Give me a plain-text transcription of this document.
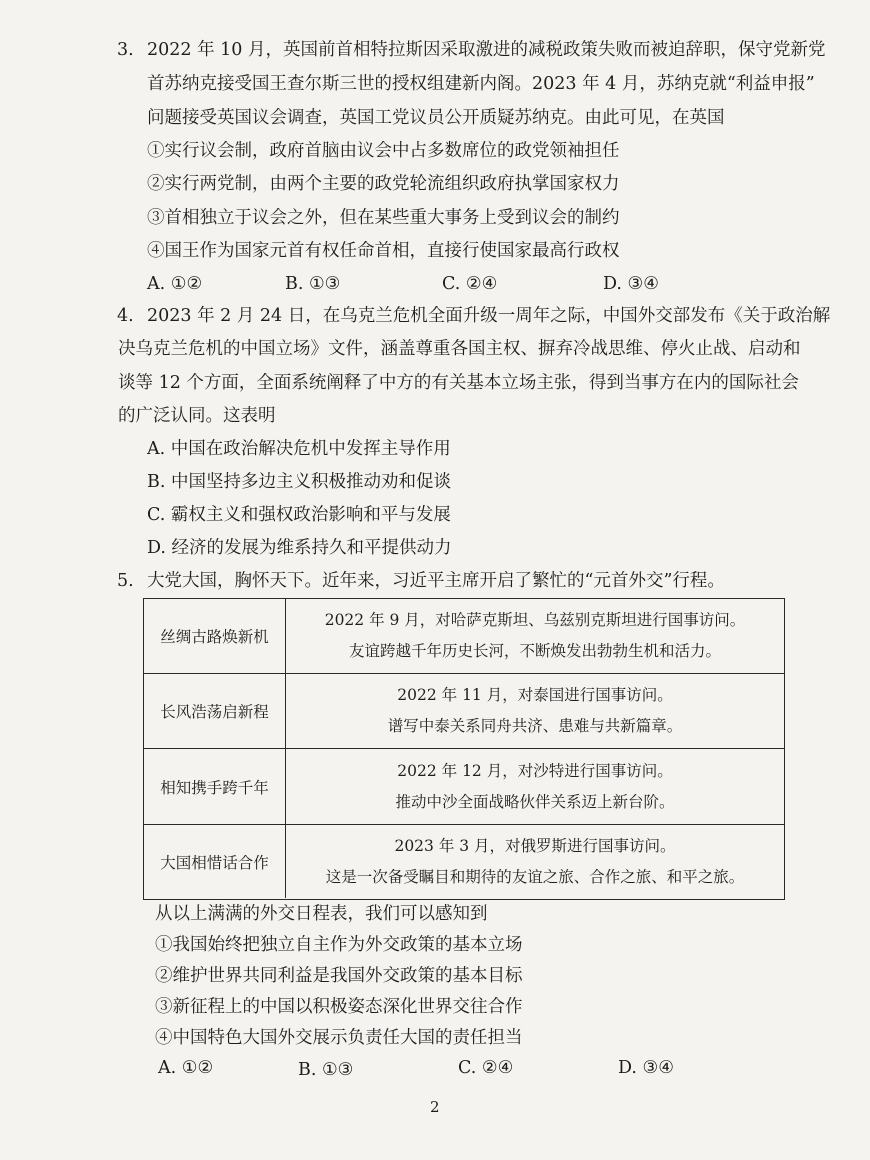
3. 2022 年 10 月，英国前首相特拉斯因采取激进的减税政策失败而被迫辞职，保守党新党
首苏纳克接受国王查尔斯三世的授权组建新内阁。2023 年 4 月，苏纳克就“利益申报”
问题接受英国议会调查，英国工党议员公开质疑苏纳克。由此可见，在英国
①实行议会制，政府首脑由议会中占多数席位的政党领袖担任
②实行两党制，由两个主要的政党轮流组织政府执掌国家权力
③首相独立于议会之外，但在某些重大事务上受到议会的制约
④国王作为国家元首有权任命首相，直接行使国家最高行政权
A. ①②	B. ①③	C. ②④	D. ③④
4. 2023 年 2 月 24 日，在乌克兰危机全面升级一周年之际，中国外交部发布《关于政治解
决乌克兰危机的中国立场》文件，涵盖尊重各国主权、摒弃冷战思维、停火止战、启动和
谈等 12 个方面，全面系统阐释了中方的有关基本立场主张，得到当事方在内的国际社会
的广泛认同。这表明
A. 中国在政治解决危机中发挥主导作用
B. 中国坚持多边主义积极推动劝和促谈
C. 霸权主义和强权政治影响和平与发展
D. 经济的发展为维系持久和平提供动力
5. 大党大国，胸怀天下。近年来，习近平主席开启了繁忙的“元首外交”行程。
丝绸古路焕新机
2022 年 9 月，对哈萨克斯坦、乌兹别克斯坦进行国事访问。
友谊跨越千年历史长河，不断焕发出勃勃生机和活力。
长风浩荡启新程
2022 年 11 月，对泰国进行国事访问。
谱写中泰关系同舟共济、患难与共新篇章。
相知携手跨千年
2022 年 12 月，对沙特进行国事访问。
推动中沙全面战略伙伴关系迈上新台阶。
大国相惜话合作
2023 年 3 月，对俄罗斯进行国事访问。
这是一次备受瞩目和期待的友谊之旅、合作之旅、和平之旅。
从以上满满的外交日程表，我们可以感知到
①我国始终把独立自主作为外交政策的基本立场
②维护世界共同利益是我国外交政策的基本目标
③新征程上的中国以积极姿态深化世界交往合作
④中国特色大国外交展示负责任大国的责任担当
A. ①②	B. ①③	C. ②④	D. ③④
2
